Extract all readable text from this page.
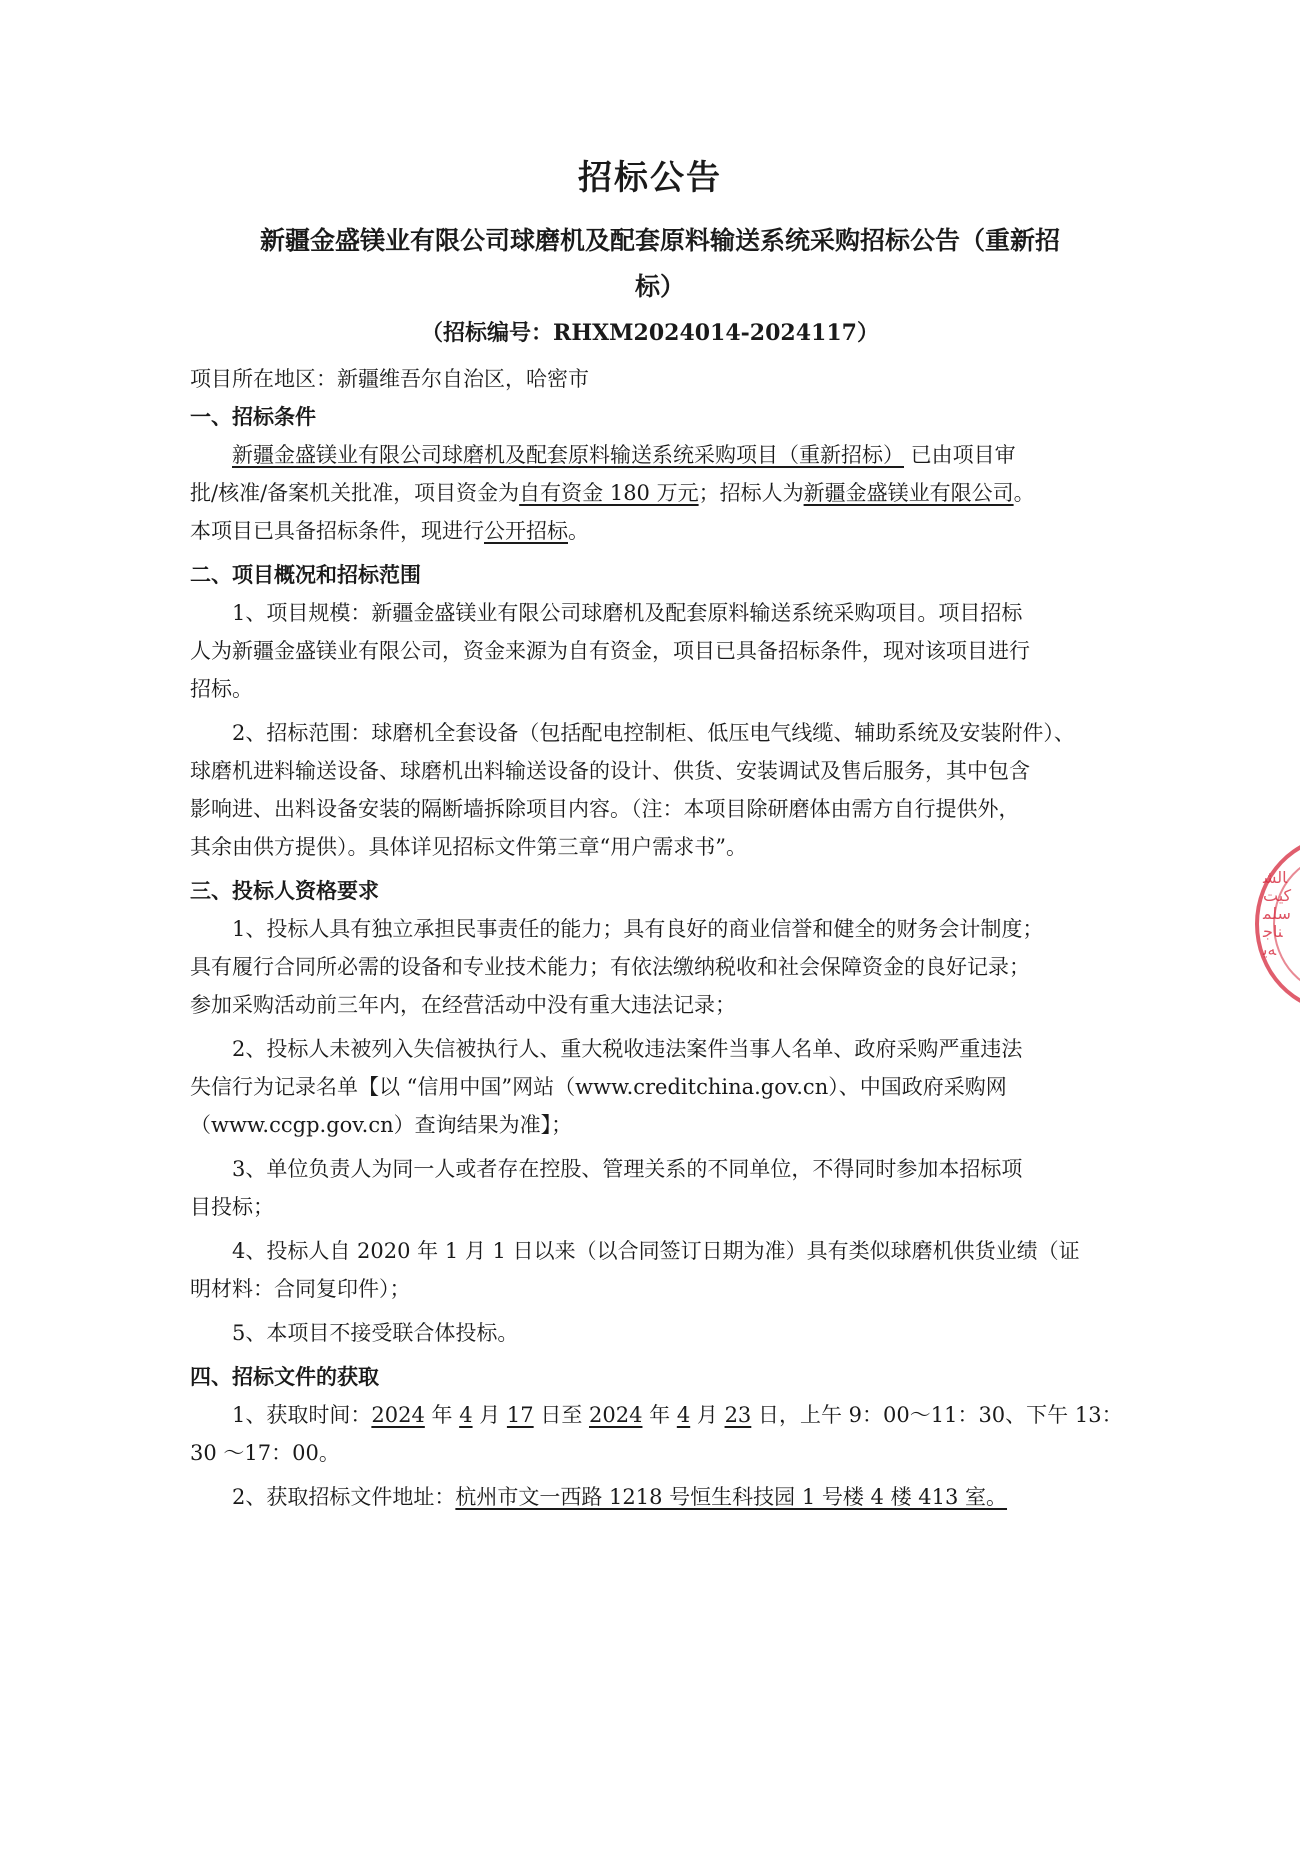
招标公告
新疆金盛镁业有限公司球磨机及配套原料输送系统采购招标公告（重新招
标）
（招标编号：RHXM2024014-2024117）
项目所在地区：新疆维吾尔自治区，哈密市
一、招标条件
新疆金盛镁业有限公司球磨机及配套原料输送系统采购项目（重新招标） 已由项目审
批/核准/备案机关批准，项目资金为自有资金 180 万元；招标人为新疆金盛镁业有限公司。
本项目已具备招标条件，现进行公开招标。
二、项目概况和招标范围
1、项目规模：新疆金盛镁业有限公司球磨机及配套原料输送系统采购项目。项目招标
人为新疆金盛镁业有限公司，资金来源为自有资金，项目已具备招标条件，现对该项目进行
招标。
2、招标范围：球磨机全套设备（包括配电控制柜、低压电气线缆、辅助系统及安装附件）、
球磨机进料输送设备、球磨机出料输送设备的设计、供货、安装调试及售后服务，其中包含
影响进、出料设备安装的隔断墙拆除项目内容。（注：本项目除研磨体由需方自行提供外，
其余由供方提供）。具体详见招标文件第三章“用户需求书”。
三、投标人资格要求
1、投标人具有独立承担民事责任的能力；具有良好的商业信誉和健全的财务会计制度；
具有履行合同所必需的设备和专业技术能力；有依法缴纳税收和社会保障资金的良好记录；
参加采购活动前三年内，在经营活动中没有重大违法记录；
2、投标人未被列入失信被执行人、重大税收违法案件当事人名单、政府采购严重违法
失信行为记录名单【以 “信用中国”网站（www.creditchina.gov.cn）、中国政府采购网
（www.ccgp.gov.cn）查询结果为准】；
3、单位负责人为同一人或者存在控股、管理关系的不同单位，不得同时参加本招标项
目投标；
4、投标人自 2020 年 1 月 1 日以来（以合同签订日期为准）具有类似球磨机供货业绩（证
明材料：合同复印件）；
5、本项目不接受联合体投标。
四、招标文件的获取
1、获取时间：2024 年 4 月 17 日至 2024 年 4 月 23 日，上午 9：00～11：30、下午 13：
30 ～17：00。
2、获取招标文件地址：杭州市文一西路 1218 号恒生科技园 1 号楼 4 楼 413 室。
ﺎﻟﺸ
ﻛﻴﺖ
ﺳﻠﻤ
ﻨﺎﺟ
ﻪﻳ
